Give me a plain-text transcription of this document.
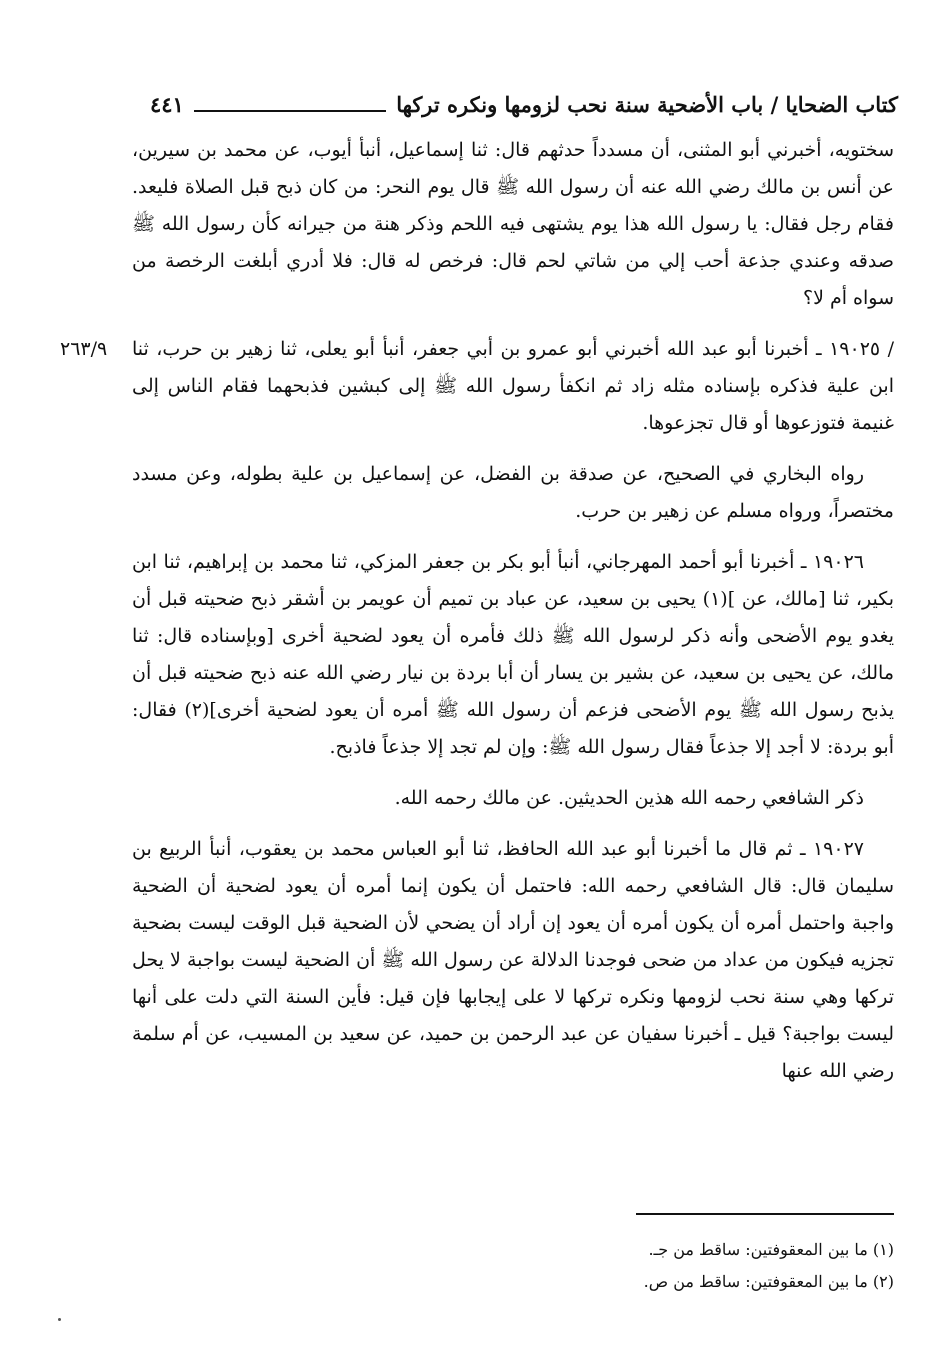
كتاب الضحايا / باب الأضحية سنة نحب لزومها ونكره تركها
٤٤١

سختويه، أخبرني أبو المثنى، أن مسدداً حدثهم قال: ثنا إسماعيل، أنبأ أيوب، عن محمد بن سيرين، عن أنس بن مالك رضي الله عنه أن رسول الله ﷺ قال يوم النحر: من كان ذبح قبل الصلاة فليعد. فقام رجل فقال: يا رسول الله هذا يوم يشتهى فيه اللحم وذكر هنة من جيرانه كأن رسول الله ﷺ صدقه وعندي جذعة أحب إلي من شاتي لحم قال: فرخص له قال: فلا أدري أبلغت الرخصة من سواه أم لا؟

٢٦٣/٩	/ ١٩٠٢٥ ـ أخبرنا أبو عبد الله أخبرني أبو عمرو بن أبي جعفر، أنبأ أبو يعلى، ثنا زهير بن حرب، ثنا ابن علية فذكره بإسناده مثله زاد ثم انكفأ رسول الله ﷺ إلى كبشين فذبحهما فقام الناس إلى غنيمة فتوزعوها أو قال تجزعوها.

رواه البخاري في الصحيح، عن صدقة بن الفضل، عن إسماعيل بن علية بطوله، وعن مسدد مختصراً، ورواه مسلم عن زهير بن حرب.

١٩٠٢٦ ـ أخبرنا أبو أحمد المهرجاني، أنبأ أبو بكر بن جعفر المزكي، ثنا محمد بن إبراهيم، ثنا ابن بكير، ثنا [مالك، عن ](١) يحيى بن سعيد، عن عباد بن تميم أن عويمر بن أشقر ذبح ضحيته قبل أن يغدو يوم الأضحى وأنه ذكر لرسول الله ﷺ ذلك فأمره أن يعود لضحية أخرى [وبإسناده قال: ثنا مالك، عن يحيى بن سعيد، عن بشير بن يسار أن أبا بردة بن نيار رضي الله عنه ذبح ضحيته قبل أن يذبح رسول الله ﷺ يوم الأضحى فزعم أن رسول الله ﷺ أمره أن يعود لضحية أخرى](٢) فقال: أبو بردة: لا أجد إلا جذعاً فقال رسول الله ﷺ: وإن لم تجد إلا جذعاً فاذبح.

ذكر الشافعي رحمه الله هذين الحديثين. عن مالك رحمه الله.

١٩٠٢٧ ـ ثم قال ما أخبرنا أبو عبد الله الحافظ، ثنا أبو العباس محمد بن يعقوب، أنبأ الربيع بن سليمان قال: قال الشافعي رحمه الله: فاحتمل أن يكون إنما أمره أن يعود لضحية أن الضحية واجبة واحتمل أمره أن يكون أمره أن يعود إن أراد أن يضحي لأن الضحية قبل الوقت ليست بضحية تجزيه فيكون من عداد من ضحى فوجدنا الدلالة عن رسول الله ﷺ أن الضحية ليست بواجبة لا يحل تركها وهي سنة نحب لزومها ونكره تركها لا على إيجابها فإن قيل: فأين السنة التي دلت على أنها ليست بواجبة؟ قيل ـ أخبرنا سفيان عن عبد الرحمن بن حميد، عن سعيد بن المسيب، عن أم سلمة رضي الله عنها

(١) ما بين المعقوفتين: ساقط من جـ.

(٢) ما بين المعقوفتين: ساقط من ص.
